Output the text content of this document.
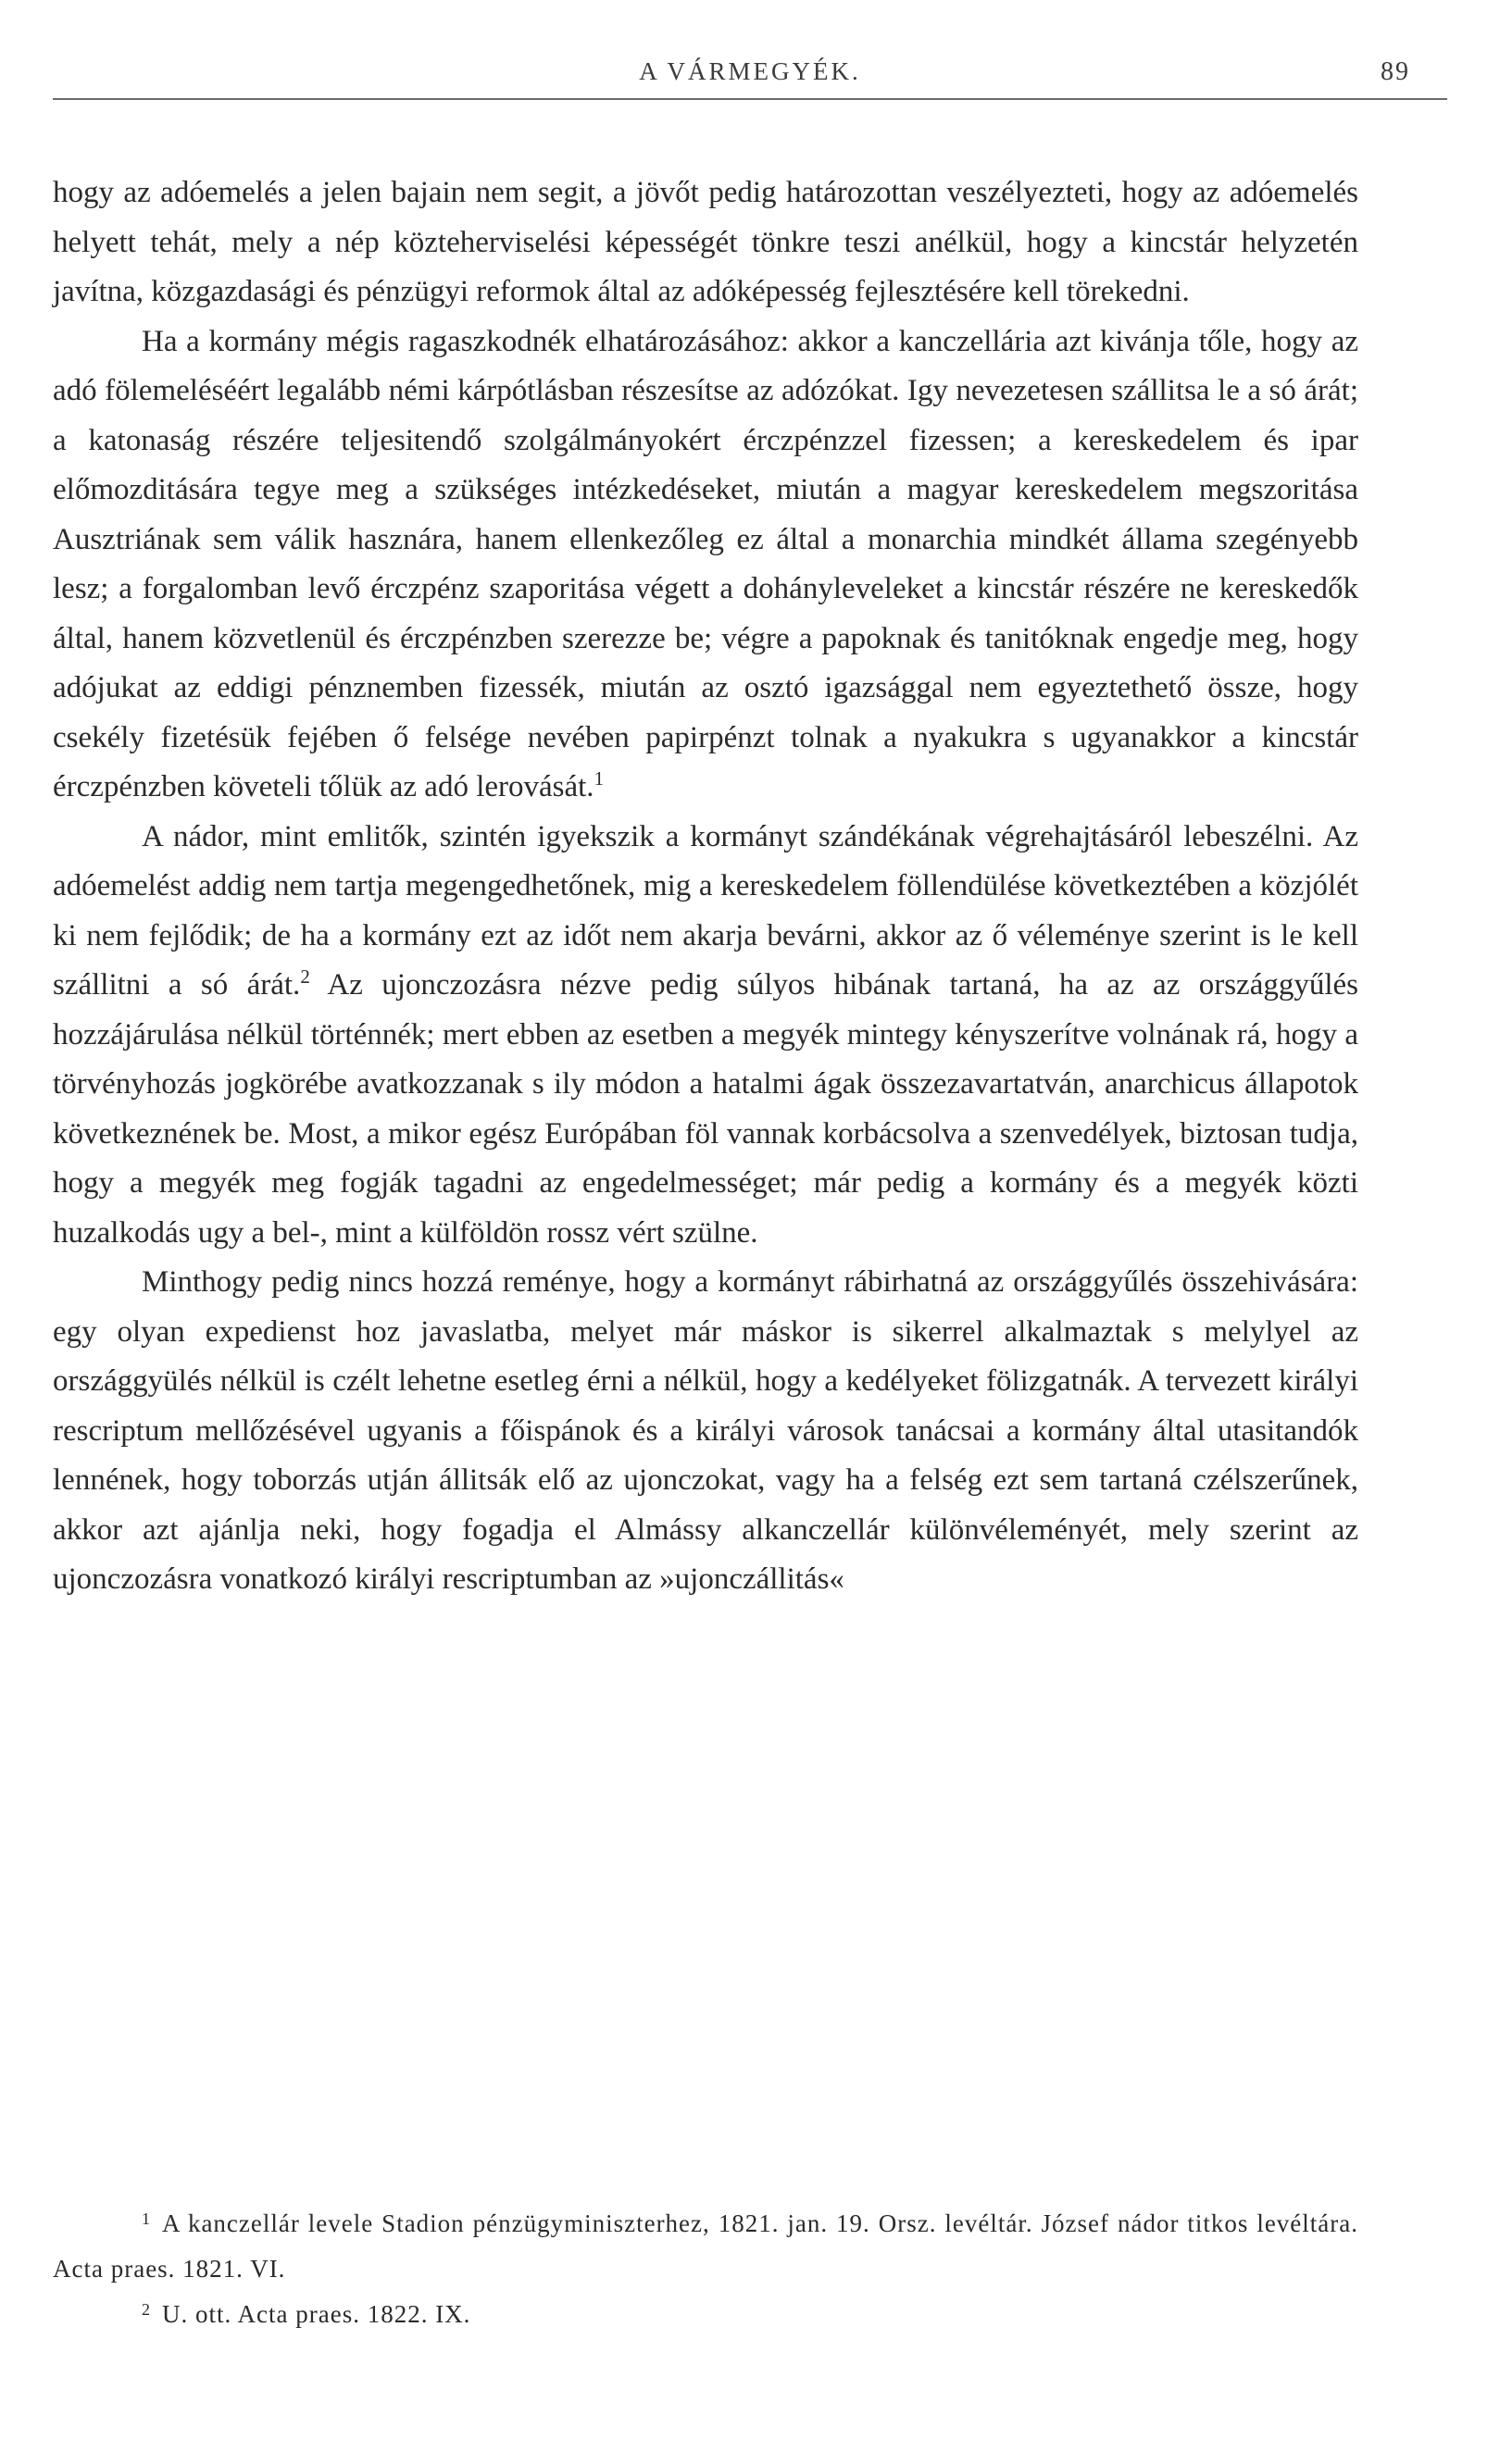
A VÁRMEGYÉK.	89

hogy az adóemelés a jelen bajain nem segit, a jövőt pedig határozottan veszélyezteti, hogy az adóemelés helyett tehát, mely a nép közteherviselési képességét tönkre teszi anélkül, hogy a kincstár helyzetén javítna, közgazdasági és pénzügyi reformok által az adóképesség fejlesztésére kell törekedni.

Ha a kormány mégis ragaszkodnék elhatározásához: akkor a kanczellária azt kivánja tőle, hogy az adó fölemeléséért legalább némi kárpótlásban részesítse az adózókat. Igy nevezetesen szállitsa le a só árát; a katonaság részére teljesitendő szolgálmányokért érczpénzzel fizessen; a kereskedelem és ipar előmozditására tegye meg a szükséges intézkedéseket, miután a magyar kereskedelem megszoritása Ausztriának sem válik hasznára, hanem ellenkezőleg ez által a monarchia mindkét állama szegényebb lesz; a forgalomban levő érczpénz szaporitása végett a dohányleveleket a kincstár részére ne kereskedők által, hanem közvetlenül és érczpénzben szerezze be; végre a papoknak és tanitóknak engedje meg, hogy adójukat az eddigi pénznemben fizessék, miután az osztó igazsággal nem egyeztethető össze, hogy csekély fizetésük fejében ő felsége nevében papirpénzt tolnak a nyakukra s ugyanakkor a kincstár érczpénzben követeli tőlük az adó lerovását.$^1$

A nádor, mint emlitők, szintén igyekszik a kormányt szándékának végrehajtásáról lebeszélni. Az adóemelést addig nem tartja megengedhetőnek, mig a kereskedelem föllendülése következtében a közjólét ki nem fejlődik; de ha a kormány ezt az időt nem akarja bevárni, akkor az ő véleménye szerint is le kell szállitni a só árát.$^2$ Az ujonczozásra nézve pedig súlyos hibának tartaná, ha az az országgyűlés hozzájárulása nélkül történnék; mert ebben az esetben a megyék mintegy kényszerítve volnának rá, hogy a törvényhozás jogkörébe avatkozzanak s ily módon a hatalmi ágak összezavartatván, anarchicus állapotok következnének be. Most, a mikor egész Európában föl vannak korbácsolva a szenvedélyek, biztosan tudja, hogy a megyék meg fogják tagadni az engedelmességet; már pedig a kormány és a megyék közti huzalkodás ugy a bel-, mint a külföldön rossz vért szülne.

Minthogy pedig nincs hozzá reménye, hogy a kormányt rábirhatná az országgyűlés összehivására: egy olyan expedienst hoz javaslatba, melyet már máskor is sikerrel alkalmaztak s melylyel az országgyülés nélkül is czélt lehetne esetleg érni a nélkül, hogy a kedélyeket fölizgatnák. A tervezett királyi rescriptum mellőzésével ugyanis a főispánok és a királyi városok tanácsai a kormány által utasitandók lennének, hogy toborzás utján állitsák elő az ujonczokat, vagy ha a felség ezt sem tartaná czélszerűnek, akkor azt ajánlja neki, hogy fogadja el Almássy alkanczellár különvéleményét, mely szerint az ujonczozásra vonatkozó királyi rescriptumban az »ujonczállitás«

$^1$ A kanczellár levele Stadion pénzügyminiszterhez, 1821. jan. 19. Orsz. levéltár. József nádor titkos levéltára. Acta praes. 1821. VI.

$^2$ U. ott. Acta praes. 1822. IX.
